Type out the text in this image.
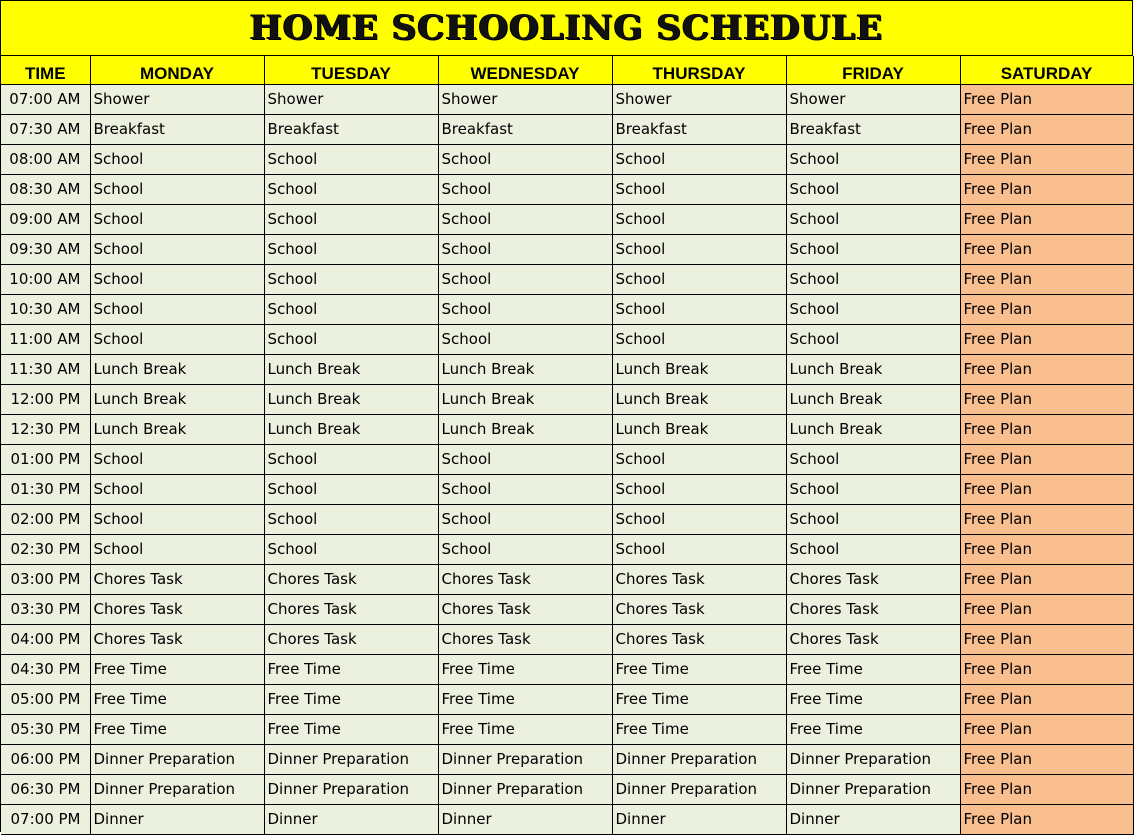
HOME SCHOOLING SCHEDULE
TIME	MONDAY	TUESDAY	WEDNESDAY	THURSDAY	FRIDAY	SATURDAY
07:00 AM	Shower	Shower	Shower	Shower	Shower	Free Plan
07:30 AM	Breakfast	Breakfast	Breakfast	Breakfast	Breakfast	Free Plan
08:00 AM	School	School	School	School	School	Free Plan
08:30 AM	School	School	School	School	School	Free Plan
09:00 AM	School	School	School	School	School	Free Plan
09:30 AM	School	School	School	School	School	Free Plan
10:00 AM	School	School	School	School	School	Free Plan
10:30 AM	School	School	School	School	School	Free Plan
11:00 AM	School	School	School	School	School	Free Plan
11:30 AM	Lunch Break	Lunch Break	Lunch Break	Lunch Break	Lunch Break	Free Plan
12:00 PM	Lunch Break	Lunch Break	Lunch Break	Lunch Break	Lunch Break	Free Plan
12:30 PM	Lunch Break	Lunch Break	Lunch Break	Lunch Break	Lunch Break	Free Plan
01:00 PM	School	School	School	School	School	Free Plan
01:30 PM	School	School	School	School	School	Free Plan
02:00 PM	School	School	School	School	School	Free Plan
02:30 PM	School	School	School	School	School	Free Plan
03:00 PM	Chores Task	Chores Task	Chores Task	Chores Task	Chores Task	Free Plan
03:30 PM	Chores Task	Chores Task	Chores Task	Chores Task	Chores Task	Free Plan
04:00 PM	Chores Task	Chores Task	Chores Task	Chores Task	Chores Task	Free Plan
04:30 PM	Free Time	Free Time	Free Time	Free Time	Free Time	Free Plan
05:00 PM	Free Time	Free Time	Free Time	Free Time	Free Time	Free Plan
05:30 PM	Free Time	Free Time	Free Time	Free Time	Free Time	Free Plan
06:00 PM	Dinner Preparation	Dinner Preparation	Dinner Preparation	Dinner Preparation	Dinner Preparation	Free Plan
06:30 PM	Dinner Preparation	Dinner Preparation	Dinner Preparation	Dinner Preparation	Dinner Preparation	Free Plan
07:00 PM	Dinner	Dinner	Dinner	Dinner	Dinner	Free Plan
